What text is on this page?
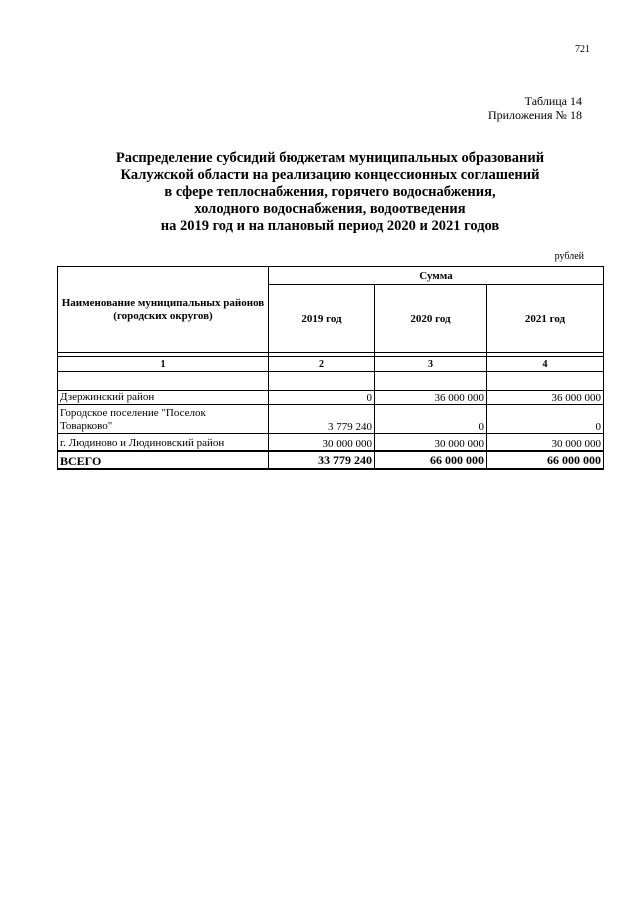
721
Таблица 14
Приложения № 18
Распределение субсидий бюджетам муниципальных образований
Калужской области на реализацию концессионных соглашений
в сфере теплоснабжения, горячего водоснабжения,
холодного водоснабжения, водоотведения
на 2019 год и на плановый период 2020 и 2021 годов
рублей
Наименование муниципальных районов
(городских округов)	Сумма		
	2019 год	2020 год	2021 год

1	2	3	4

Дзержинский район	0	36 000 000	36 000 000

Городское поселение "Поселок
Товарково"	3 779 240	0	0
г. Людиново и Людиновский район	30 000 000	30 000 000	30 000 000
ВСЕГО	33 779 240	66 000 000	66 000 000
